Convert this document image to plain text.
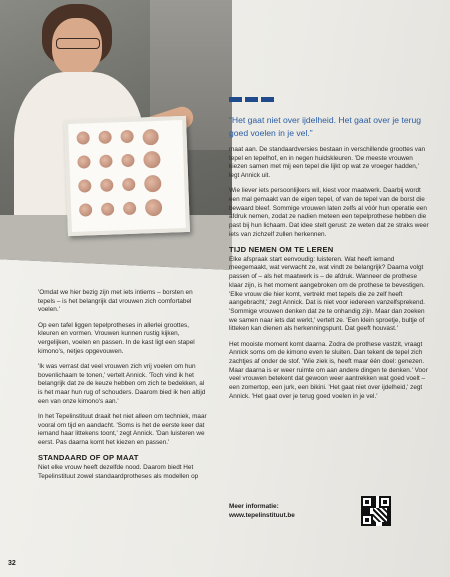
“Het gaat niet over ijdelheid. Het gaat over je terug goed voelen in je vel.”

maat aan. De standaardversies bestaan in verschillende groottes van tepel en tepelhof, en in negen huidskleuren. 'De meeste vrouwen kiezen samen met mij een tepel die lijkt op wat ze vroeger hadden,' legt Annick uit.

Wie liever iets persoonlijkers wil, kiest voor maatwerk. Daarbij wordt een mal gemaakt van de eigen tepel, of van de tepel van de borst die bewaard bleef. Sommige vrouwen laten zelfs al vóór hun operatie een afdruk nemen, zodat ze nadien meteen een tepelprothese hebben die past bij hun lichaam. Dat idee stelt gerust: ze weten dat ze straks weer iets van zichzelf zullen herkennen.

TIJD NEMEN OM TE LEREN

Elke afspraak start eenvoudig: luisteren. Wat heeft iemand meegemaakt, wat verwacht ze, wat vindt ze belangrijk? Daarna volgt passen of – als het maatwerk is – de afdruk. Wanneer de prothese klaar zijn, is het moment aangebroken om de prothese te bevestigen. 'Elke vrouw die hier komt, vertrekt met tepels die ze zelf heeft aangebracht,' zegt Annick. Dat is niet voor iedereen vanzelfsprekend. 'Sommige vrouwen denken dat ze te onhandig zijn. Maar dan zoeken we samen naar iets dat werkt,' vertelt ze. 'Een klein sproetje, bultje of litteken kan dienen als herkenningspunt. Dat geeft houvast.'

Het mooiste moment komt daarna. Zodra de prothese vastzit, vraagt Annick soms om de kimono even te sluiten. Dan tekent de tepel zich zachtjes af onder de stof. 'Wie ziek is, heeft maar één doel: genezen. Maar daarna is er weer ruimte om aan andere dingen te denken.' Voor veel vrouwen betekent dat gewoon weer aantrekken wat goed voelt – een zomertop, een jurk, een bikini. 'Het gaat niet over ijdelheid,' zegt Annick. 'Het gaat over je terug goed voelen in je vel.'

Meer informatie:
www.tepelinstituut.be

'Omdat we hier bezig zijn met iets intiems – borsten en tepels – is het belangrijk dat vrouwen zich comfortabel voelen.'

Op een tafel liggen tepelprotheses in allerlei groottes, kleuren en vormen. Vrouwen kunnen rustig kijken, vergelijken, voelen en passen. In de kast ligt een stapel kimono's, netjes opgevouwen.

'Ik was verrast dat veel vrouwen zich vrij voelen om hun bovenlichaam te tonen,' vertelt Annick. 'Toch vind ik het belangrijk dat ze de keuze hebben om zich te bedekken, al is het maar hun rug of schouders. Daarom bied ik hen altijd een van onze kimono's aan.'

In het Tepelinstituut draait het niet alleen om techniek, maar vooral om tijd en aandacht. 'Soms is het de eerste keer dat iemand haar littekens toont,' zegt Annick. 'Dan luisteren we eerst. Pas daarna komt het kiezen en passen.'

STANDAARD OF OP MAAT

Niet elke vrouw heeft dezelfde nood. Daarom biedt Het Tepelinstituut zowel standaardprotheses als modellen op

32
